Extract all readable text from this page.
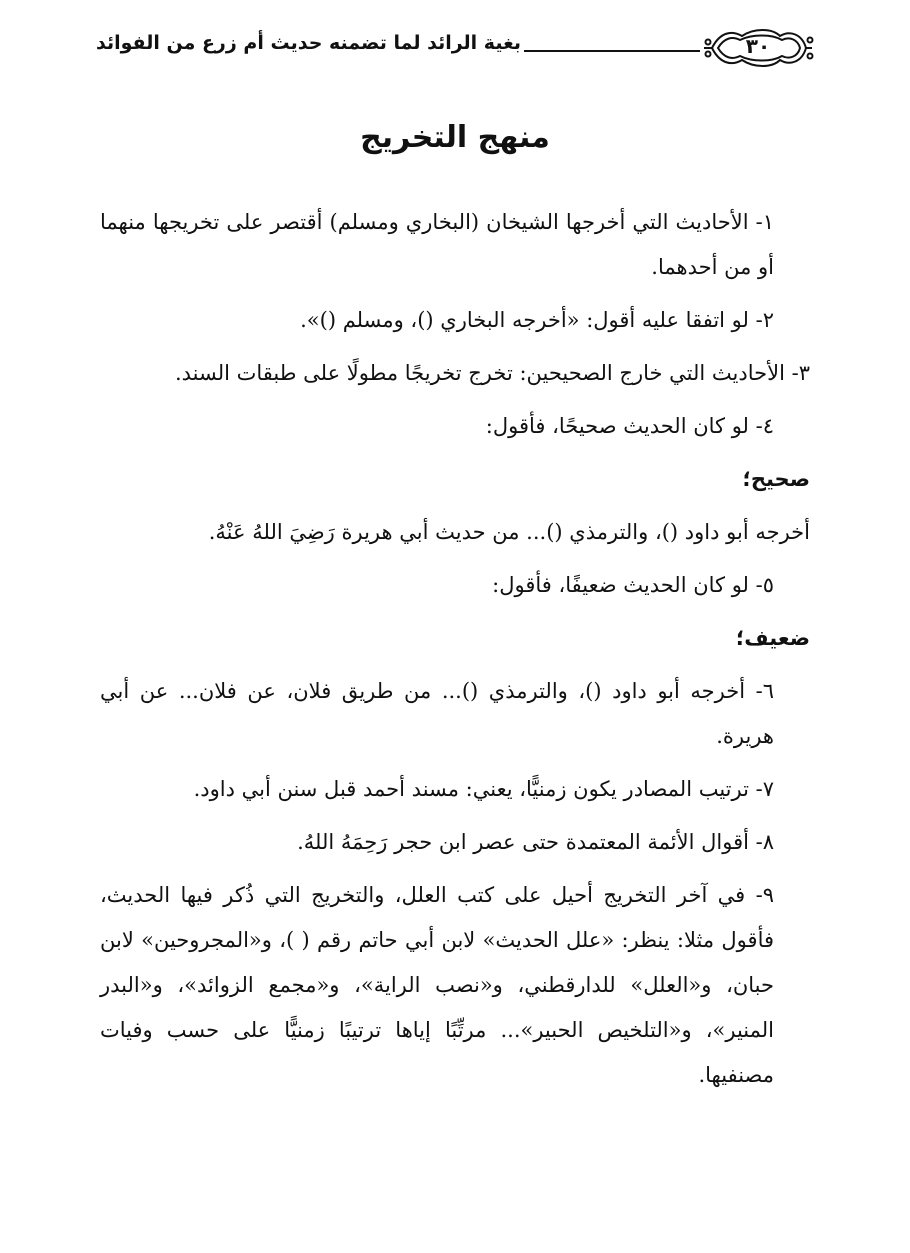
بغية الرائد لما تضمنه حديث أم زرع من الفوائد	٣٠
منهج التخريج

١- الأحاديث التي أخرجها الشيخان (البخاري ومسلم) أقتصر على تخريجها منهما أو من أحدهما.

٢- لو اتفقا عليه أقول: «أخرجه البخاري ()، ومسلم ()».

٣- الأحاديث التي خارج الصحيحين: تخرج تخريجًا مطولًا على طبقات السند.

٤- لو كان الحديث صحيحًا، فأقول:

صحيح؛

أخرجه أبو داود ()، والترمذي ()... من حديث أبي هريرة رَضِيَ اللهُ عَنْهُ.

٥- لو كان الحديث ضعيفًا، فأقول:

ضعيف؛

٦- أخرجه أبو داود ()، والترمذي ()... من طريق فلان، عن فلان... عن أبي هريرة.

٧- ترتيب المصادر يكون زمنيًّا، يعني: مسند أحمد قبل سنن أبي داود.

٨- أقوال الأئمة المعتمدة حتى عصر ابن حجر رَحِمَهُ اللهُ.

٩- في آخر التخريج أحيل على كتب العلل، والتخريج التي ذُكر فيها الحديث، فأقول مثلا: ينظر: «علل الحديث» لابن أبي حاتم رقم ( )، و«المجروحين» لابن حبان، و«العلل» للدارقطني، و«نصب الراية»، و«مجمع الزوائد»، و«البدر المنير»، و«التلخيص الحبير»... مرتِّبًا إياها ترتيبًا زمنيًّا على حسب وفيات مصنفيها.
